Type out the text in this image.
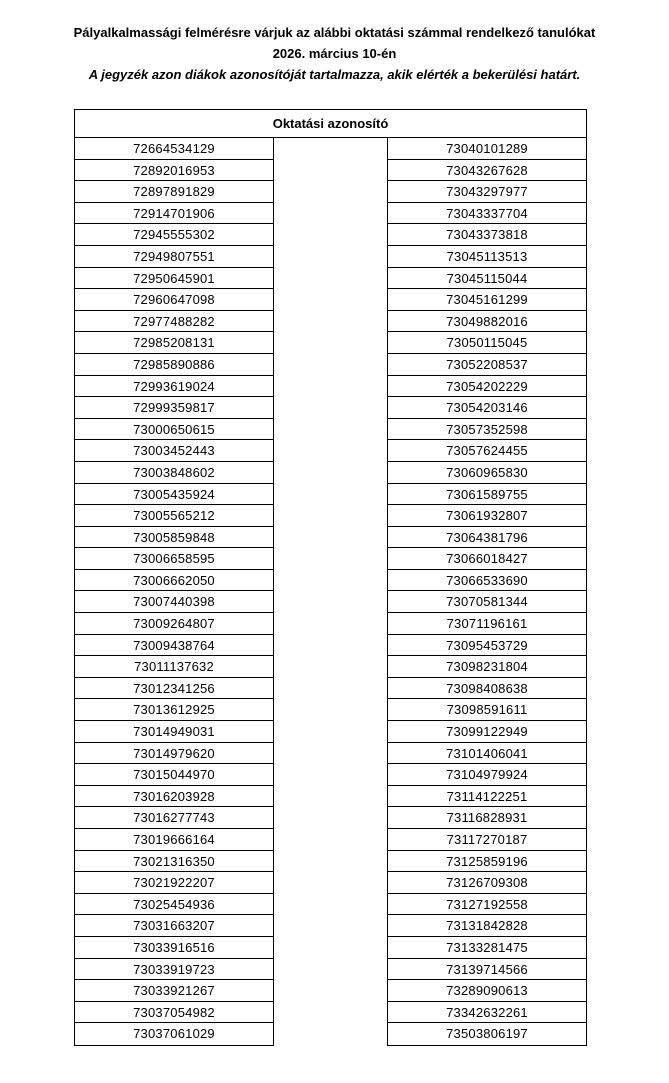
Pályalkalmassági felmérésre várjuk az alábbi oktatási számmal rendelkező tanulókat
2026. március 10-én
A jegyzék azon diákok azonosítóját tartalmazza, akik elérték a bekerülési határt.
Oktatási azonosító
72664534129
72892016953
72897891829
72914701906
72945555302
72949807551
72950645901
72960647098
72977488282
72985208131
72985890886
72993619024
72999359817
73000650615
73003452443
73003848602
73005435924
73005565212
73005859848
73006658595
73006662050
73007440398
73009264807
73009438764
73011137632
73012341256
73013612925
73014949031
73014979620
73015044970
73016203928
73016277743
73019666164
73021316350
73021922207
73025454936
73031663207
73033916516
73033919723
73033921267
73037054982
73037061029
73040101289
73043267628
73043297977
73043337704
73043373818
73045113513
73045115044
73045161299
73049882016
73050115045
73052208537
73054202229
73054203146
73057352598
73057624455
73060965830
73061589755
73061932807
73064381796
73066018427
73066533690
73070581344
73071196161
73095453729
73098231804
73098408638
73098591611
73099122949
73101406041
73104979924
73114122251
73116828931
73117270187
73125859196
73126709308
73127192558
73131842828
73133281475
73139714566
73289090613
73342632261
73503806197
